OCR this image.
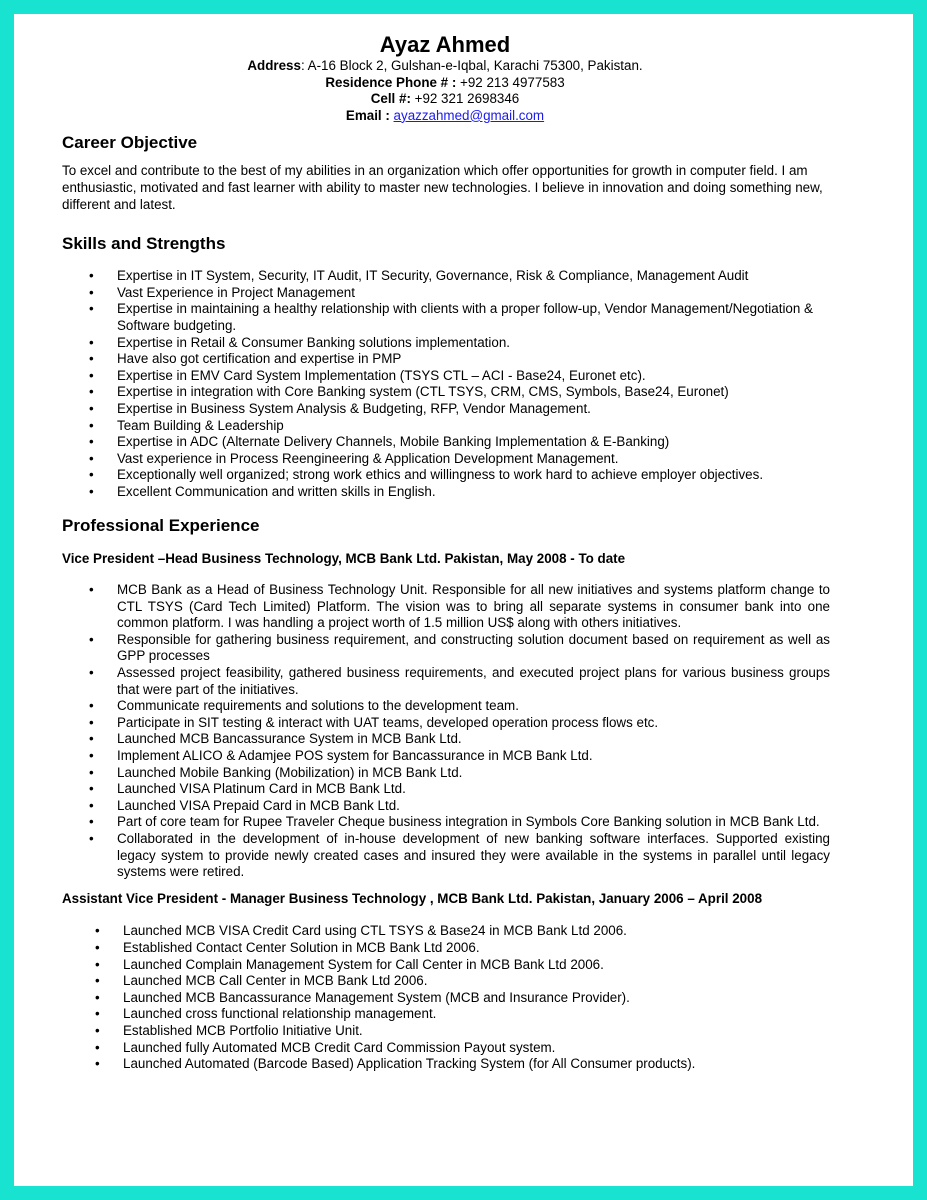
Ayaz Ahmed
Address: A-16 Block 2, Gulshan-e-Iqbal, Karachi 75300, Pakistan.
Residence Phone # : +92 213 4977583
Cell #: +92 321 2698346
Email : ayazzahmed@gmail.com
Career Objective

To excel and contribute to the best of my abilities in an organization which offer opportunities for growth in computer field. I am enthusiastic, motivated and fast learner with ability to master new technologies. I believe in innovation and doing something new, different and latest.

Skills and Strengths
• Expertise in IT System, Security, IT Audit, IT Security, Governance, Risk & Compliance, Management Audit
• Vast Experience in Project Management
• Expertise in maintaining a healthy relationship with clients with a proper follow-up, Vendor Management/Negotiation & Software budgeting.
• Expertise in Retail & Consumer Banking solutions implementation.
• Have also got certification and expertise in PMP
• Expertise in EMV Card System Implementation (TSYS CTL – ACI - Base24, Euronet etc).
• Expertise in integration with Core Banking system (CTL TSYS, CRM, CMS, Symbols, Base24, Euronet)
• Expertise in Business System Analysis & Budgeting, RFP, Vendor Management.
• Team Building & Leadership
• Expertise in ADC (Alternate Delivery Channels, Mobile Banking Implementation & E-Banking)
• Vast experience in Process Reengineering & Application Development Management.
• Exceptionally well organized; strong work ethics and willingness to work hard to achieve employer objectives.
• Excellent Communication and written skills in English.
Professional Experience
Vice President –Head Business Technology, MCB Bank Ltd. Pakistan, May 2008 - To date
• MCB Bank as a Head of Business Technology Unit. Responsible for all new initiatives and systems platform change to CTL TSYS (Card Tech Limited) Platform. The vision was to bring all separate systems in consumer bank into one common platform. I was handling a project worth of 1.5 million US$ along with others initiatives.
• Responsible for gathering business requirement, and constructing solution document based on requirement as well as GPP processes
• Assessed project feasibility, gathered business requirements, and executed project plans for various business groups that were part of the initiatives.
• Communicate requirements and solutions to the development team.
• Participate in SIT testing & interact with UAT teams, developed operation process flows etc.
• Launched MCB Bancassurance System in MCB Bank Ltd.
• Implement ALICO & Adamjee POS system for Bancassurance in MCB Bank Ltd.
• Launched Mobile Banking (Mobilization) in MCB Bank Ltd.
• Launched VISA Platinum Card in MCB Bank Ltd.
• Launched VISA Prepaid Card in MCB Bank Ltd.
• Part of core team for Rupee Traveler Cheque business integration in Symbols Core Banking solution in MCB Bank Ltd.
• Collaborated in the development of in-house development of new banking software interfaces. Supported existing legacy system to provide newly created cases and insured they were available in the systems in parallel until legacy systems were retired.
Assistant Vice President - Manager Business Technology , MCB Bank Ltd. Pakistan, January 2006 – April 2008
• Launched MCB VISA Credit Card using CTL TSYS & Base24 in MCB Bank Ltd 2006.
• Established Contact Center Solution in MCB Bank Ltd 2006.
• Launched Complain Management System for Call Center in MCB Bank Ltd 2006.
• Launched MCB Call Center in MCB Bank Ltd 2006.
• Launched MCB Bancassurance Management System (MCB and Insurance Provider).
• Launched cross functional relationship management.
• Established MCB Portfolio Initiative Unit.
• Launched fully Automated MCB Credit Card Commission Payout system.
• Launched Automated (Barcode Based) Application Tracking System (for All Consumer products).
